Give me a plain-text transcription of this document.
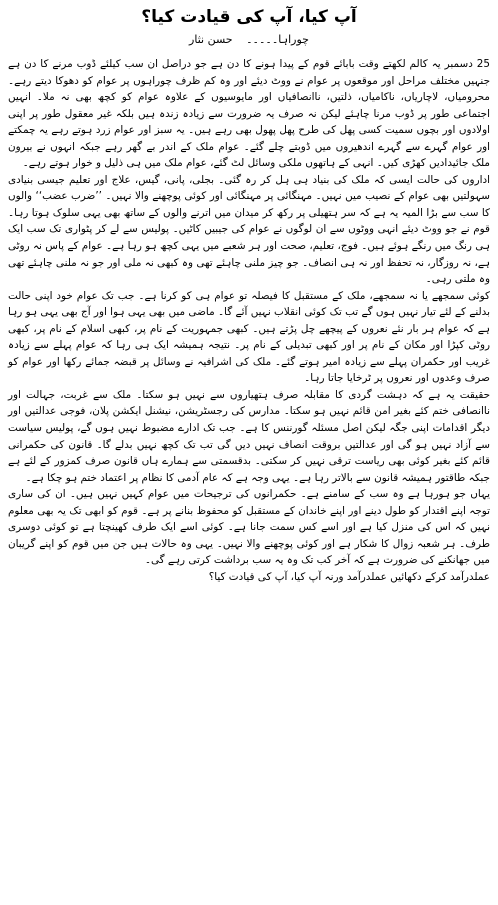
آپ کیا، آپ کی قیادت کیا؟
چوراہا۔۔۔۔۔ حسن نثار

25 دسمبر یہ کالم لکھتے وقت بابائے قوم کے پیدا ہونے کا دن ہے جو دراصل ان سب کیلئے ڈوب مرنے کا دن ہے جنہیں مختلف مراحل اور موقعوں پر عوام نے ووٹ دیئے اور وہ کم ظرف چوراہوں پر عوام کو دھوکا دیتے رہے۔ محرومیاں، لاچاریاں، ناکامیاں، ذلتیں، ناانصافیاں اور مایوسیوں کے علاوہ عوام کو کچھ بھی نہ ملا۔ انہیں اجتماعی طور پر ڈوب مرنا چاہئے لیکن نہ صرف یہ ضرورت سے زیادہ زندہ ہیں بلکہ غیر معقول طور پر اپنی اولادوں اور بچوں سمیت کسی پھل کی طرح پھل پھول بھی رہے ہیں۔ یہ سبز اور عوام زرد ہوتے رہے یہ چمکتے اور عوام گہرے سے گہرے اندھیروں میں ڈوبتے چلے گئے۔ عوام ملک کے اندر بے گھر رہے جبکہ انہوں نے بیرون ملک جائیدادیں کھڑی کیں۔ انہی کے ہاتھوں ملکی وسائل لٹ گئے، عوام ملک میں ہی ذلیل و خوار ہوتے رہے۔

اداروں کی حالت ایسی کہ ملک کی بنیاد ہی ہل کر رہ گئی۔ بجلی، پانی، گیس، علاج اور تعلیم جیسی بنیادی سہولتیں بھی عوام کے نصیب میں نہیں۔ مہنگائی پر مہنگائی اور کوئی پوچھنے والا نہیں۔ ’’ضرب عضب‘‘ والوں کا سب سے بڑا المیہ یہ ہے کہ سر ہتھیلی پر رکھ کر میدان میں اترنے والوں کے ساتھ بھی یہی سلوک ہوتا رہا۔ قوم نے جو ووٹ دیئے انہی ووٹوں سے ان لوگوں نے عوام کی جیبیں کاٹیں۔ پولیس سے لے کر پٹواری تک سب ایک ہی رنگ میں رنگے ہوئے ہیں۔ فوج، تعلیم، صحت اور ہر شعبے میں یہی کچھ ہو رہا ہے۔ عوام کے پاس نہ روٹی ہے، نہ روزگار، نہ تحفظ اور نہ ہی انصاف۔ جو چیز ملنی چاہئے تھی وہ کبھی نہ ملی اور جو نہ ملنی چاہئے تھی وہ ملتی رہی۔

کوئی سمجھے یا نہ سمجھے، ملک کے مستقبل کا فیصلہ تو عوام ہی کو کرنا ہے۔ جب تک عوام خود اپنی حالت بدلنے کے لئے تیار نہیں ہوں گے تب تک کوئی انقلاب نہیں آئے گا۔ ماضی میں بھی یہی ہوا اور آج بھی یہی ہو رہا ہے کہ عوام ہر بار نئے نعروں کے پیچھے چل پڑتے ہیں۔ کبھی جمہوریت کے نام پر، کبھی اسلام کے نام پر، کبھی روٹی کپڑا اور مکان کے نام پر اور کبھی تبدیلی کے نام پر۔ نتیجہ ہمیشہ ایک ہی رہا کہ عوام پہلے سے زیادہ غریب اور حکمران پہلے سے زیادہ امیر ہوتے گئے۔ ملک کی اشرافیہ نے وسائل پر قبضہ جمائے رکھا اور عوام کو صرف وعدوں اور نعروں پر ٹرخایا جاتا رہا۔

حقیقت یہ ہے کہ دہشت گردی کا مقابلہ صرف ہتھیاروں سے نہیں ہو سکتا۔ ملک سے غربت، جہالت اور ناانصافی ختم کئے بغیر امن قائم نہیں ہو سکتا۔ مدارس کی رجسٹریشن، نیشنل ایکشن پلان، فوجی عدالتیں اور دیگر اقدامات اپنی جگہ لیکن اصل مسئلہ گورننس کا ہے۔ جب تک ادارے مضبوط نہیں ہوں گے، پولیس سیاست سے آزاد نہیں ہو گی اور عدالتیں بروقت انصاف نہیں دیں گی تب تک کچھ نہیں بدلے گا۔ قانون کی حکمرانی قائم کئے بغیر کوئی بھی ریاست ترقی نہیں کر سکتی۔ بدقسمتی سے ہمارے ہاں قانون صرف کمزور کے لئے ہے جبکہ طاقتور ہمیشہ قانون سے بالاتر رہا ہے۔ یہی وجہ ہے کہ عام آدمی کا نظام پر اعتماد ختم ہو چکا ہے۔

یہاں جو ہورہا ہے وہ سب کے سامنے ہے۔ حکمرانوں کی ترجیحات میں عوام کہیں نہیں ہیں۔ ان کی ساری توجہ اپنے اقتدار کو طول دینے اور اپنے خاندان کے مستقبل کو محفوظ بنانے پر ہے۔ قوم کو ابھی تک یہ بھی معلوم نہیں کہ اس کی منزل کیا ہے اور اسے کس سمت جانا ہے۔ کوئی اسے ایک طرف کھینچتا ہے تو کوئی دوسری طرف۔ ہر شعبہ زوال کا شکار ہے اور کوئی پوچھنے والا نہیں۔ یہی وہ حالات ہیں جن میں قوم کو اپنے گریبان میں جھانکنے کی ضرورت ہے کہ آخر کب تک وہ یہ سب برداشت کرتی رہے گی۔

عملدرآمد کرکے دکھائیں عملدرآمد ورنہ آپ کیا، آپ کی قیادت کیا؟
